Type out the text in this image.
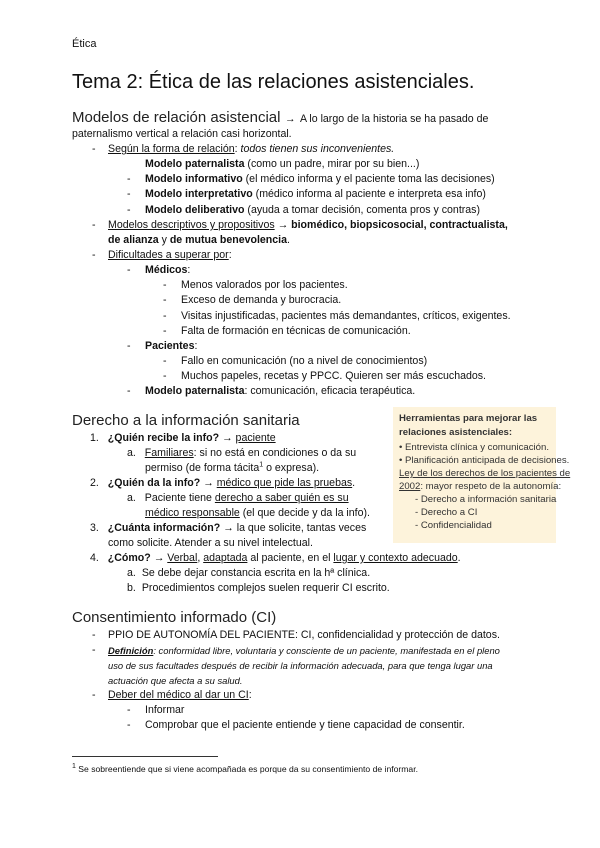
Ética
Tema 2: Ética de las relaciones asistenciales.
Modelos de relación asistencial → A lo largo de la historia se ha pasado de
paternalismo vertical a relación casi horizontal.
- Según la forma de relación: todos tienen sus inconvenientes.
Modelo paternalista (como un padre, mirar por su bien...)
- Modelo informativo (el médico informa y el paciente toma las decisiones)
- Modelo interpretativo (médico informa al paciente e interpreta esa info)
- Modelo deliberativo (ayuda a tomar decisión, comenta pros y contras)
- Modelos descriptivos y propositivos → biomédico, biopsicosocial, contractualista,
de alianza y de mutua benevolencia.
- Dificultades a superar por:
- Médicos:
- Menos valorados por los pacientes.
- Exceso de demanda y burocracia.
- Visitas injustificadas, pacientes más demandantes, críticos, exigentes.
- Falta de formación en técnicas de comunicación.
- Pacientes:
- Fallo en comunicación (no a nivel de conocimientos)
- Muchos papeles, recetas y PPCC. Quieren ser más escuchados.
- Modelo paternalista: comunicación, eficacia terapéutica.
Derecho a la información sanitaria
1. ¿Quién recibe la info? → paciente
a. Familiares: si no está en condiciones o da su
permiso (de forma tácita$^1$ o expresa).
2. ¿Quién da la info? → médico que pide las pruebas.
a. Paciente tiene derecho a saber quién es su
médico responsable (el que decide y da la info).
3. ¿Cuánta información? → la que solicite, tantas veces
como solicite. Atender a su nivel intelectual.
4. ¿Cómo? → Verbal, adaptada al paciente, en el lugar y contexto adecuado.
a. Se debe dejar constancia escrita en la hª clínica.
b. Procedimientos complejos suelen requerir CI escrito.
Herramientas para mejorar las
relaciones asistenciales:
• Entrevista clínica y comunicación.
• Planificación anticipada de decisiones.
Ley de los derechos de los pacientes de
2002: mayor respeto de la autonomía:
- Derecho a información sanitaria
- Derecho a CI
- Confidencialidad
Consentimiento informado (CI)
- PPIO DE AUTONOMÍA DEL PACIENTE: CI, confidencialidad y protección de datos.
- Definición: conformidad libre, voluntaria y consciente de un paciente, manifestada en el pleno
uso de sus facultades después de recibir la información adecuada, para que tenga lugar una
actuación que afecta a su salud.
- Deber del médico al dar un CI:
- Informar
- Comprobar que el paciente entiende y tiene capacidad de consentir.
$^1$ Se sobreentiende que si viene acompañada es porque da su consentimiento de informar.
